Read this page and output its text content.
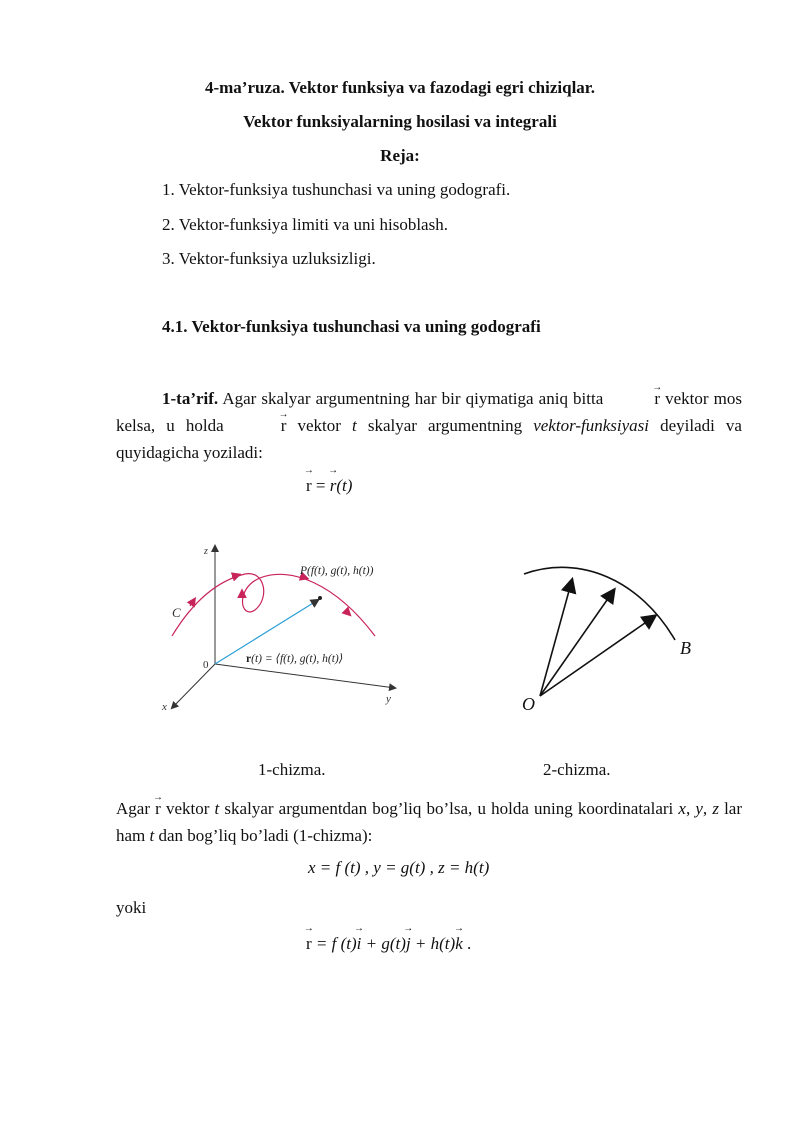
4-ma’ruza. Vektor funksiya va fazodagi egri chiziqlar.
Vektor funksiyalarning hosilasi va integrali
Reja:
1. Vektor-funksiya tushunchasi va uning godografi.
2. Vektor-funksiya limiti va uni hisoblash.
3. Vektor-funksiya uzluksizligi.
4.1. Vektor-funksiya tushunchasi va uning godografi
1-ta’rif. Agar skalyar argumentning har bir qiymatiga aniq bitta	→ r vektor mos kelsa, u holda	→ r vektor t skalyar argumentning vektor-funksiyasi deyiladi va quyidagicha yoziladi:
→ r = → r(t)
z
y
x
0
C
P(f(t), g(t), h(t))
r(t) = ⟨f(t), g(t), h(t)⟩
O
B
1-chizma.	2-chizma.
Agar → r vektor t skalyar argumentdan bog’liq bo’lsa, u holda uning koordinatalari x, y, z lar ham t dan bog’liq bo’ladi (1-chizma):
x = f (t) , y = g(t) , z = h(t)
yoki
→ r = f (t)→ i + g(t)→ j + h(t)→ k .
